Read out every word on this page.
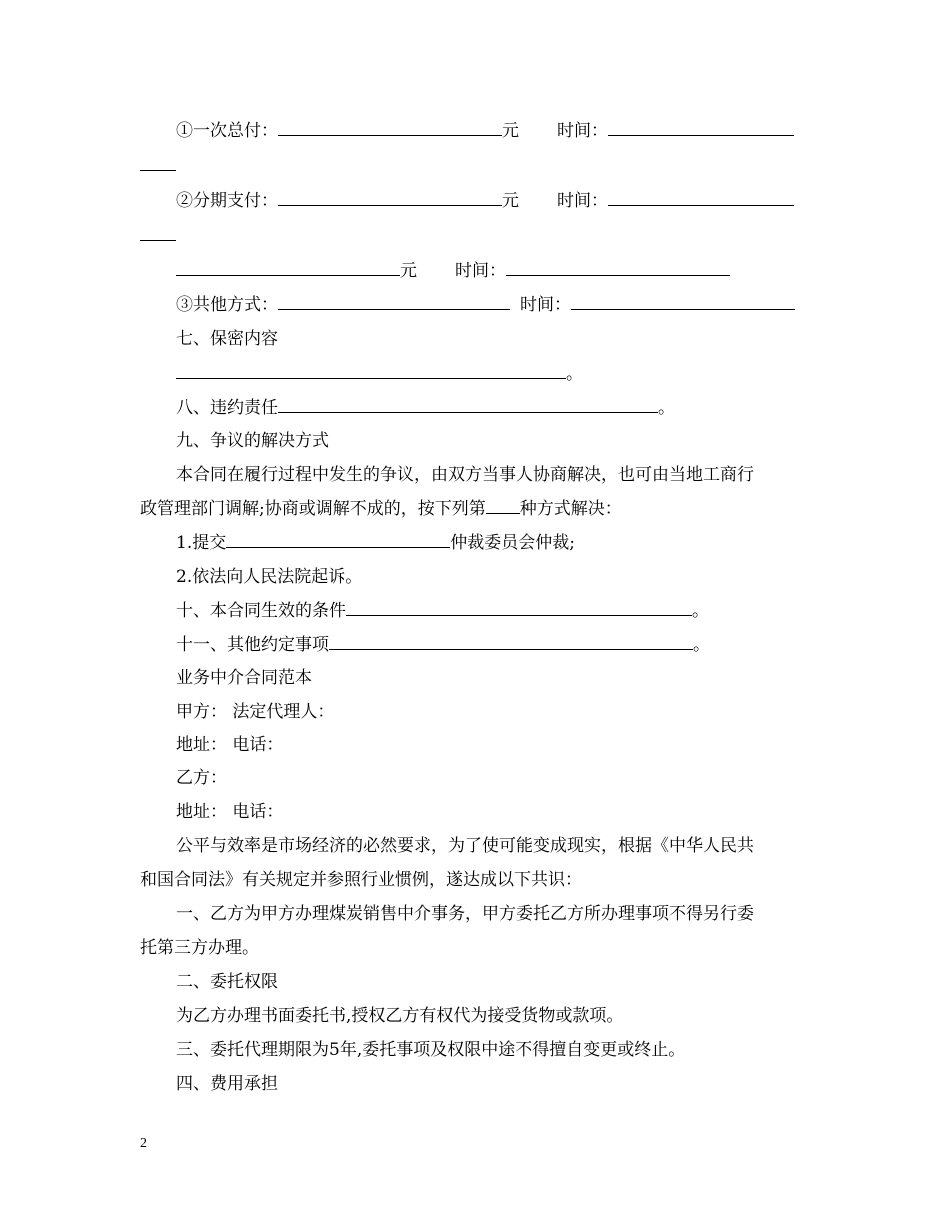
①一次总付：	元 时间：
②分期支付：	元 时间：
元 时间：
③共他方式：	时间：
七、保密内容
。
八、违约责任	。
九、争议的解决方式
本合同在履行过程中发生的争议，由双方当事人协商解决，也可由当地工商行
政管理部门调解;协商或调解不成的，按下列第 种方式解决：
1.提交	仲裁委员会仲裁;
2.依法向人民法院起诉。
十、本合同生效的条件	。
十一、其他约定事项	。
业务中介合同范本
甲方： 法定代理人：
地址： 电话：
乙方：
地址： 电话：
公平与效率是市场经济的必然要求，为了使可能变成现实，根据《中华人民共
和国合同法》有关规定并参照行业惯例，遂达成以下共识：
一、乙方为甲方办理煤炭销售中介事务，甲方委托乙方所办理事项不得另行委
托第三方办理。
二、委托权限
为乙方办理书面委托书,授权乙方有权代为接受货物或款项。
三、委托代理期限为5年,委托事项及权限中途不得擅自变更或终止。
四、费用承担
2
